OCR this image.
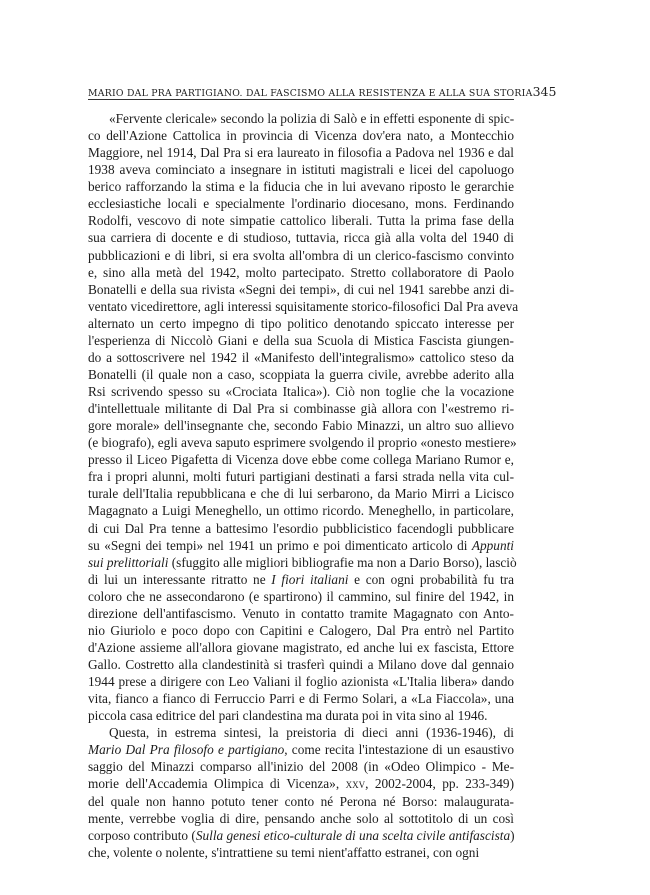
MARIO DAL PRA PARTIGIANO. DAL FASCISMO ALLA RESISTENZA E ALLA SUA STORIA 345

«Fervente clericale» secondo la polizia di Salò e in effetti esponente di spic-
co dell'Azione Cattolica in provincia di Vicenza dov'era nato, a Montecchio
Maggiore, nel 1914, Dal Pra si era laureato in filosofia a Padova nel 1936 e dal
1938 aveva cominciato a insegnare in istituti magistrali e licei del capoluogo
berico rafforzando la stima e la fiducia che in lui avevano riposto le gerarchie
ecclesiastiche locali e specialmente l'ordinario diocesano, mons. Ferdinando
Rodolfi, vescovo di note simpatie cattolico liberali. Tutta la prima fase della
sua carriera di docente e di studioso, tuttavia, ricca già alla volta del 1940 di
pubblicazioni e di libri, si era svolta all'ombra di un clerico-fascismo convinto
e, sino alla metà del 1942, molto partecipato. Stretto collaboratore di Paolo
Bonatelli e della sua rivista «Segni dei tempi», di cui nel 1941 sarebbe anzi di-
ventato vicedirettore, agli interessi squisitamente storico-filosofici Dal Pra aveva
alternato un certo impegno di tipo politico denotando spiccato interesse per
l'esperienza di Niccolò Giani e della sua Scuola di Mistica Fascista giungen-
do a sottoscrivere nel 1942 il «Manifesto dell'integralismo» cattolico steso da
Bonatelli (il quale non a caso, scoppiata la guerra civile, avrebbe aderito alla
Rsi scrivendo spesso su «Crociata Italica»). Ciò non toglie che la vocazione
d'intellettuale militante di Dal Pra si combinasse già allora con l'«estremo ri-
gore morale» dell'insegnante che, secondo Fabio Minazzi, un altro suo allievo
(e biografo), egli aveva saputo esprimere svolgendo il proprio «onesto mestiere»
presso il Liceo Pigafetta di Vicenza dove ebbe come collega Mariano Rumor e,
fra i propri alunni, molti futuri partigiani destinati a farsi strada nella vita cul-
turale dell'Italia repubblicana e che di lui serbarono, da Mario Mirri a Licisco
Magagnato a Luigi Meneghello, un ottimo ricordo. Meneghello, in particolare,
di cui Dal Pra tenne a battesimo l'esordio pubblicistico facendogli pubblicare
su «Segni dei tempi» nel 1941 un primo e poi dimenticato articolo di Appunti
sui prelittoriali (sfuggito alle migliori bibliografie ma non a Dario Borso), lasciò
di lui un interessante ritratto ne I fiori italiani e con ogni probabilità fu tra
coloro che ne assecondarono (e spartirono) il cammino, sul finire del 1942, in
direzione dell'antifascismo. Venuto in contatto tramite Magagnato con Anto-
nio Giuriolo e poco dopo con Capitini e Calogero, Dal Pra entrò nel Partito
d'Azione assieme all'allora giovane magistrato, ed anche lui ex fascista, Ettore
Gallo. Costretto alla clandestinità si trasferì quindi a Milano dove dal gennaio
1944 prese a dirigere con Leo Valiani il foglio azionista «L'Italia libera» dando
vita, fianco a fianco di Ferruccio Parri e di Fermo Solari, a «La Fiaccola», una
piccola casa editrice del pari clandestina ma durata poi in vita sino al 1946.

Questa, in estrema sintesi, la preistoria di dieci anni (1936-1946), di
Mario Dal Pra filosofo e partigiano, come recita l'intestazione di un esaustivo
saggio del Minazzi comparso all'inizio del 2008 (in «Odeo Olimpico - Me-
morie dell'Accademia Olimpica di Vicenza», xxv, 2002-2004, pp. 233-349)
del quale non hanno potuto tener conto né Perona né Borso: malaugurata-
mente, verrebbe voglia di dire, pensando anche solo al sottotitolo di un così
corposo contributo (Sulla genesi etico-culturale di una scelta civile antifascista)
che, volente o nolente, s'intrattiene su temi nient'affatto estranei, con ogni
